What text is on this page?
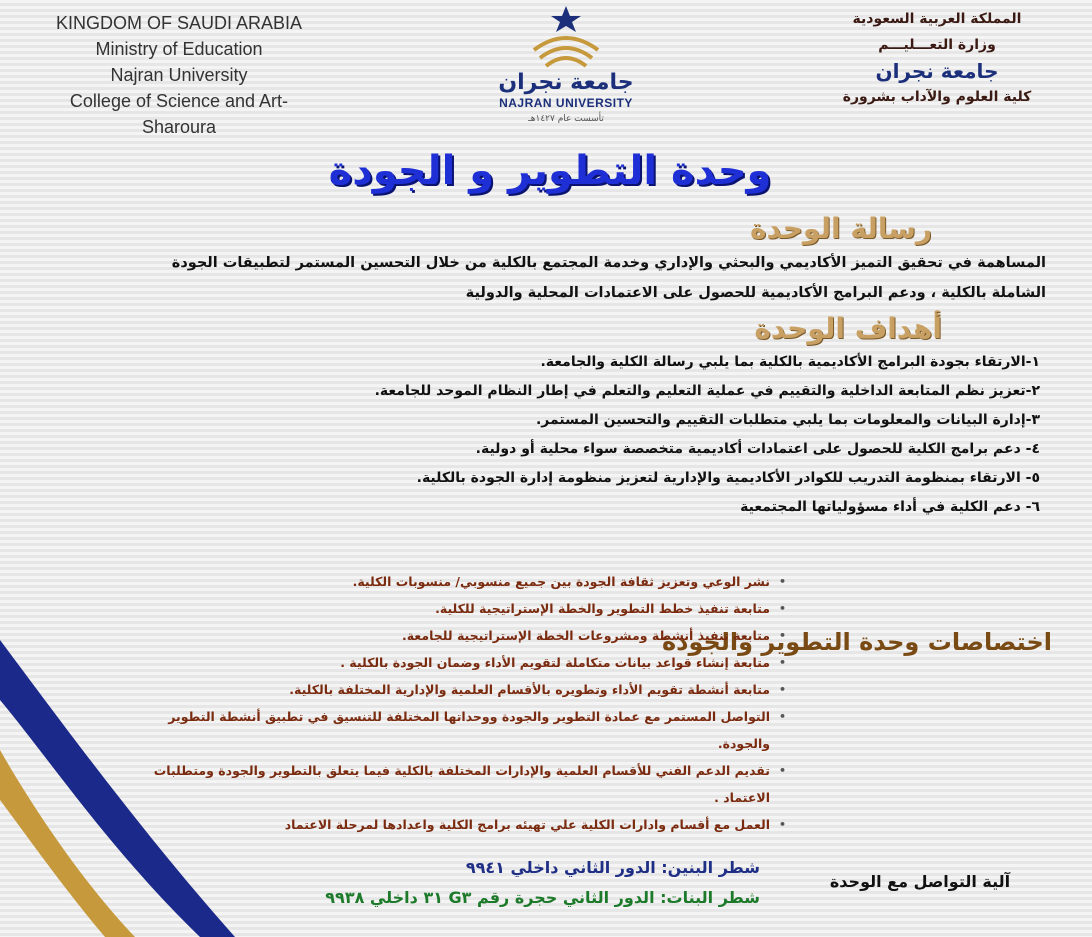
KINGDOM OF SAUDI ARABIA
Ministry of Education
Najran University
College of Science and Art- Sharoura
جامعة نجران
NAJRAN UNIVERSITY
تأسست عام ١٤٢٧هـ
المملكة العربية السعودية
وزارة التعـــليـــم
جامعة نجران
كلية العلوم والآداب بشرورة
وحدة التطوير و الجودة
رسالة الوحدة
المساهمة في تحقيق التميز الأكاديمي والبحثي والإداري وخدمة المجتمع بالكلية من خلال التحسين المستمر لتطبيقات الجودة
الشاملة بالكلية ، ودعم البرامج الأكاديمية للحصول على الاعتمادات المحلية والدولية
أهداف الوحدة
١-الارتقاء بجودة البرامج الأكاديمية بالكلية بما يلبي رسالة الكلية والجامعة.
٢-تعزيز نظم المتابعة الداخلية والتقييم في عملية التعليم والتعلم في إطار النظام الموحد للجامعة.
٣-إدارة البيانات والمعلومات بما يلبي متطلبات التقييم والتحسين المستمر.
٤- دعم برامج الكلية للحصول على اعتمادات أكاديمية متخصصة سواء محلية أو دولية.
٥- الارتقاء بمنظومة التدريب للكوادر الأكاديمية والإدارية لتعزيز منظومة إدارة الجودة بالكلية.
٦- دعم الكلية في أداء مسؤولياتها المجتمعية
اختصاصات وحدة التطوير والجودة
• نشر الوعي وتعزيز ثقافة الجودة بين جميع منسوبي/ منسوبات الكلية.
• متابعة تنفيذ خطط التطوير والخطة الإستراتيجية للكلية.
• متابعة تنفيذ أنشطة ومشروعات الخطة الإستراتيجية للجامعة.
• متابعة إنشاء قواعد بيانات متكاملة لتقويم الأداء وضمان الجودة بالكلية .
• متابعة أنشطة تقويم الأداء وتطويره بالأقسام العلمية والإدارية المختلفة بالكلية.
• التواصل المستمر مع عمادة التطوير والجودة ووحداتها المختلفة للتنسيق في تطبيق أنشطة التطوير والجودة.
• تقديم الدعم الفني للأقسام العلمية والإدارات المختلفة بالكلية فيما يتعلق بالتطوير والجودة ومتطلبات الاعتماد .
• العمل مع أقسام وادارات الكلية علي تهيئه برامج الكلية واعدادها لمرحلة الاعتماد
آلية التواصل مع الوحدة
شطر البنين: الدور الثاني داخلي ٩٩٤١
شطر البنات: الدور الثاني حجرة رقم G٣ ٣١ داخلي ٩٩٣٨
